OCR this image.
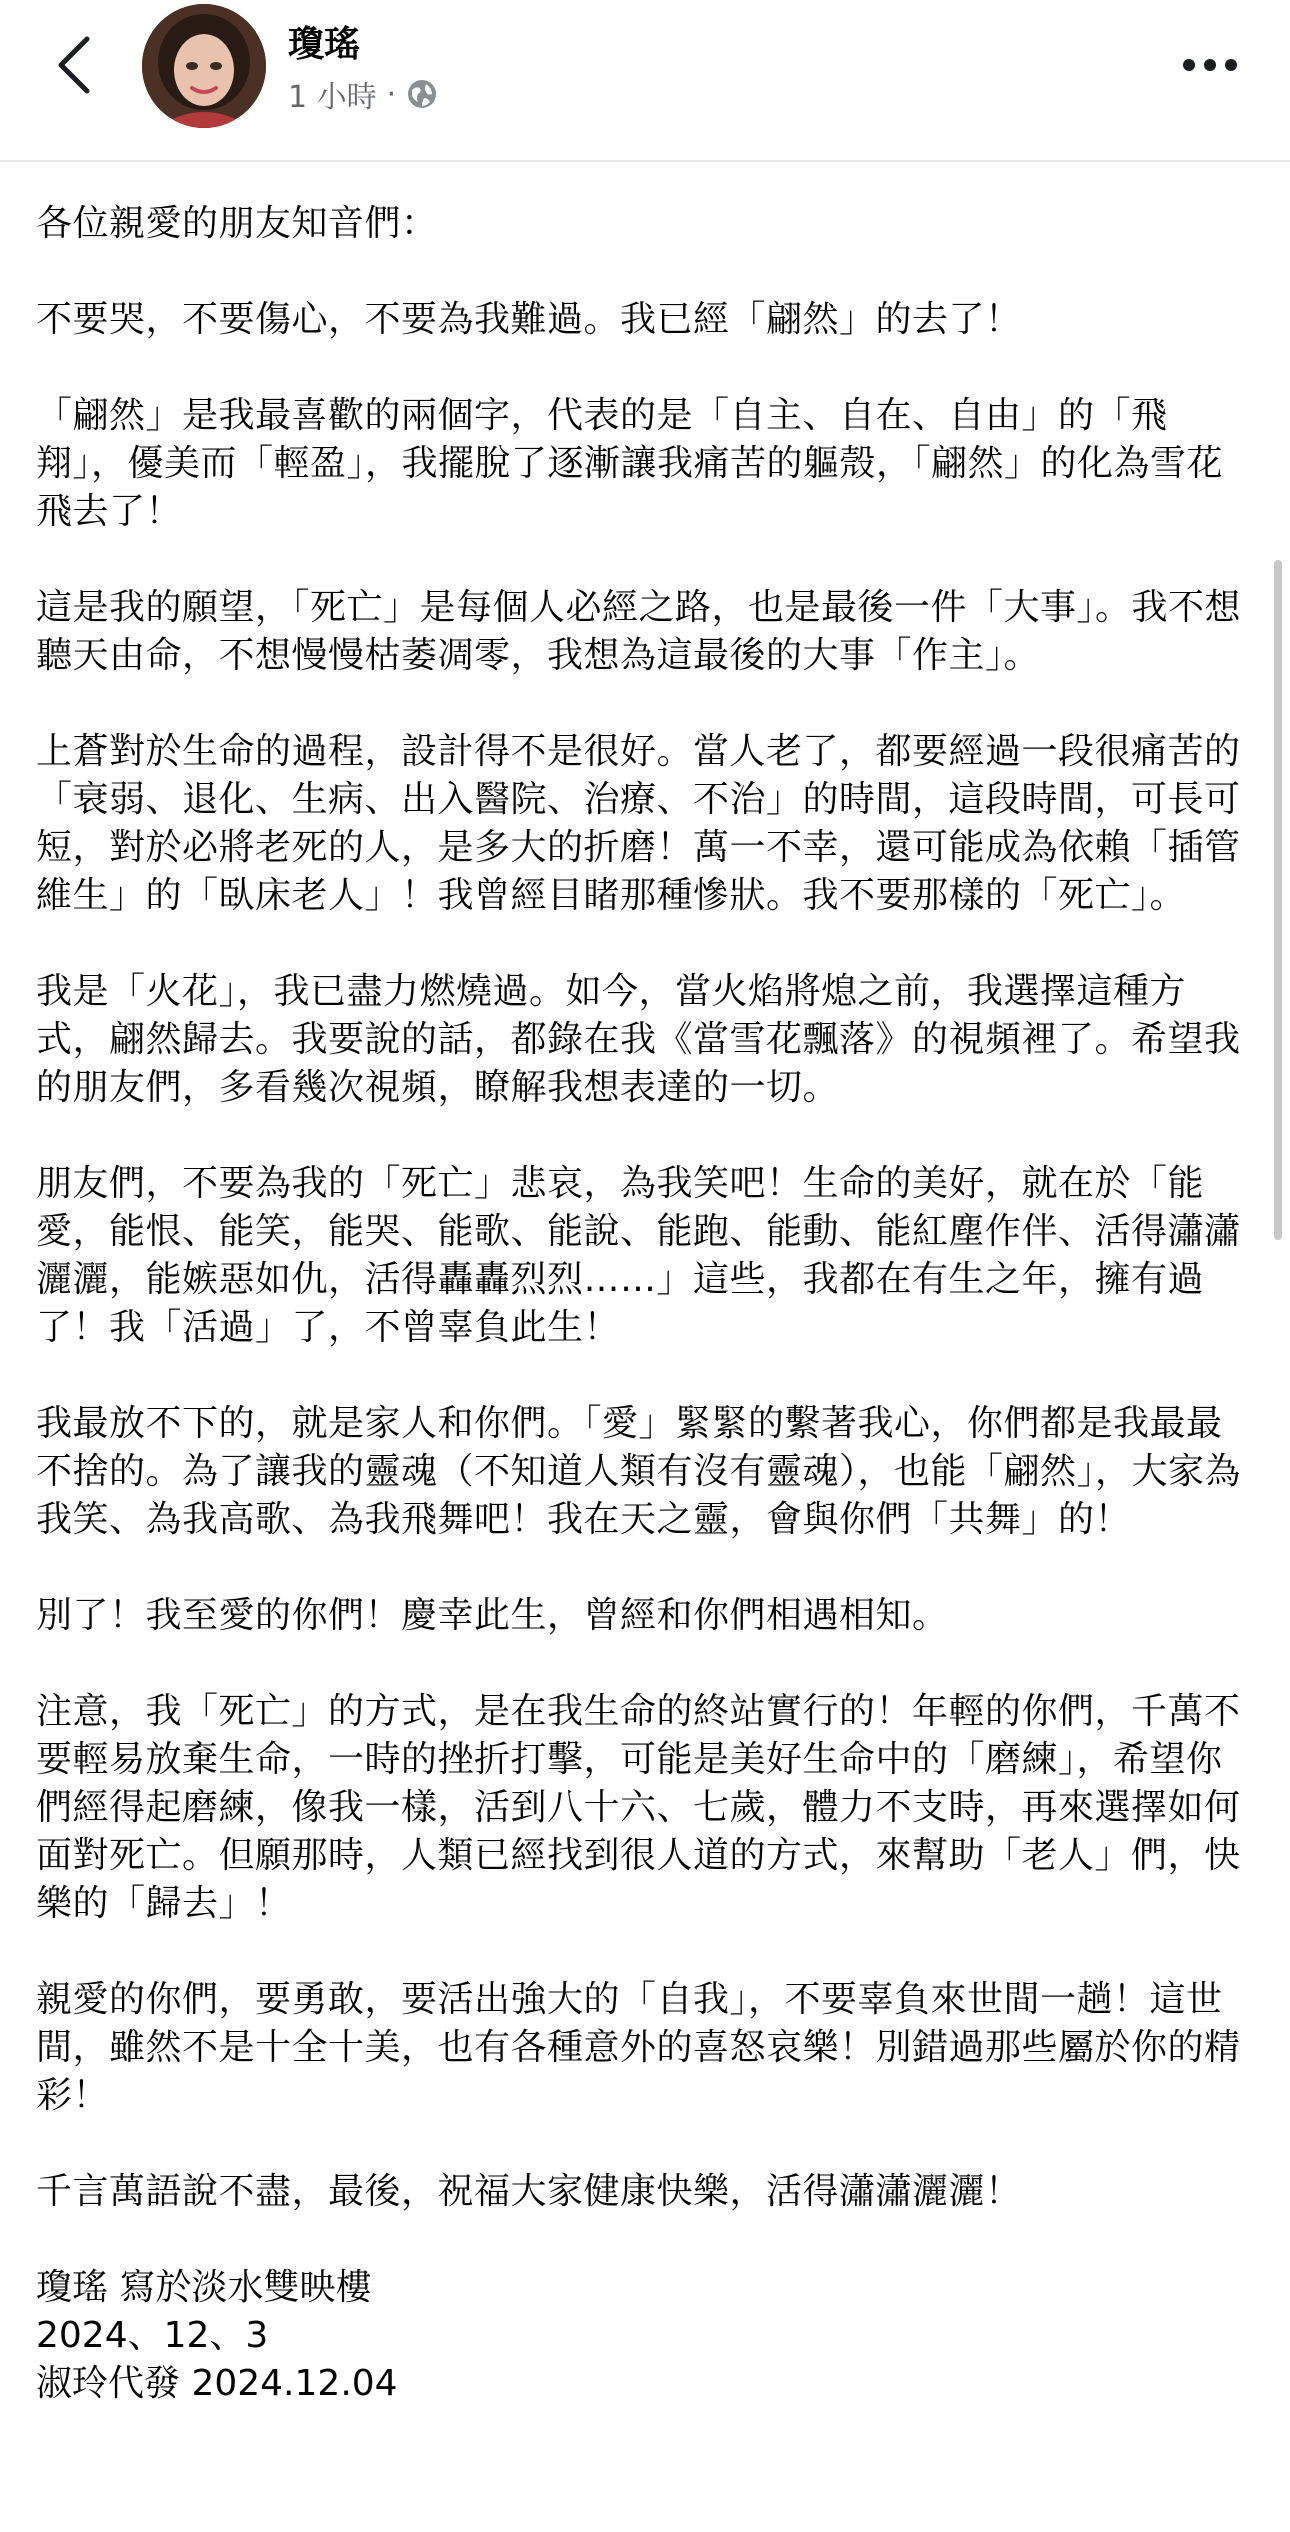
瓊瑤
1 小時 ·

各位親愛的朋友知音們：

不要哭，不要傷心，不要為我難過。我已經「翩然」的去了！

「翩然」是我最喜歡的兩個字，代表的是「自主、自在、自由」的「飛翔」，優美而「輕盈」，我擺脫了逐漸讓我痛苦的軀殼，「翩然」的化為雪花飛去了！

這是我的願望，「死亡」是每個人必經之路，也是最後一件「大事」。我不想聽天由命，不想慢慢枯萎凋零，我想為這最後的大事「作主」。

上蒼對於生命的過程，設計得不是很好。當人老了，都要經過一段很痛苦的「衰弱、退化、生病、出入醫院、治療、不治」的時間，這段時間，可長可短，對於必將老死的人，是多大的折磨！萬一不幸，還可能成為依賴「插管維生」的「臥床老人」！我曾經目睹那種慘狀。我不要那樣的「死亡」。

我是「火花」，我已盡力燃燒過。如今，當火焰將熄之前，我選擇這種方式，翩然歸去。我要說的話，都錄在我《當雪花飄落》的視頻裡了。希望我的朋友們，多看幾次視頻，瞭解我想表達的一切。

朋友們，不要為我的「死亡」悲哀，為我笑吧！生命的美好，就在於「能愛，能恨、能笑，能哭、能歌、能說、能跑、能動、能紅塵作伴、活得瀟瀟灑灑，能嫉惡如仇，活得轟轟烈烈……」這些，我都在有生之年，擁有過了！我「活過」了，不曾辜負此生！

我最放不下的，就是家人和你們。「愛」緊緊的繫著我心，你們都是我最最不捨的。為了讓我的靈魂（不知道人類有沒有靈魂），也能「翩然」，大家為我笑、為我高歌、為我飛舞吧！我在天之靈，會與你們「共舞」的！

別了！我至愛的你們！慶幸此生，曾經和你們相遇相知。

注意，我「死亡」的方式，是在我生命的終站實行的！年輕的你們，千萬不要輕易放棄生命，一時的挫折打擊，可能是美好生命中的「磨練」，希望你們經得起磨練，像我一樣，活到八十六、七歲，體力不支時，再來選擇如何面對死亡。但願那時，人類已經找到很人道的方式，來幫助「老人」們，快樂的「歸去」！

親愛的你們，要勇敢，要活出強大的「自我」，不要辜負來世間一趟！這世間，雖然不是十全十美，也有各種意外的喜怒哀樂！別錯過那些屬於你的精彩！

千言萬語說不盡，最後，祝福大家健康快樂，活得瀟瀟灑灑！

瓊瑤 寫於淡水雙映樓
2024、12、3
淑玲代發 2024.12.04
